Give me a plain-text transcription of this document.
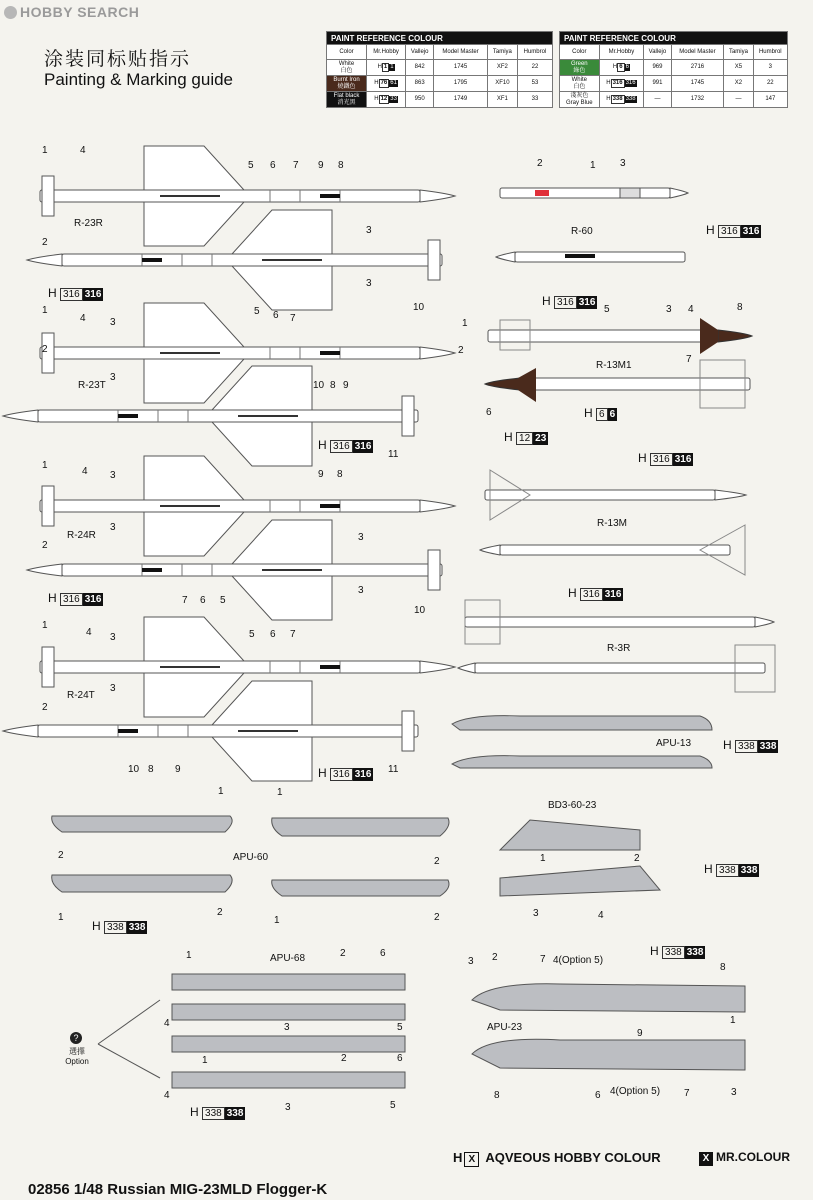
HOBBY SEARCH
涂装同标贴指示
Painting & Marking guide
PAINT REFERENCE COLOUR					
Color	Mr.Hobby	Vallejo	Model Master	Tamiya	Humbrol
White
白色	H 1 1	842	1745	XF2	22
Burnt Iron
燒鐵色	H 76 61	863	1795	XF10	53
Flat black
消光黑	H 12 33	950	1749	XF1	33
PAINT REFERENCE COLOUR					
Color	Mr.Hobby	Vallejo	Model Master	Tamiya	Humbrol
Green
綠色	H 6 6	969	2716	X5	3
White
白色	H 316 316	991	1745	X2	22
淺灰色
Gray Blue	H 338 338	—	1732	—	147
R-23R
R-23T
R-24R
R-24T
R-60
R-13M1
R-13M
R-3R
APU-13
APU-60
BD3-60-23
APU-68
APU-23
H 316 316
H 316 316
H 316 316
H 316 316
H 316 316
H 316 316
H 6 6
H 12 23
H 316 316
H 316 316
H 338 338
H 338 338
H 338 338
H 338 338
H 338 338
1	4
5 6 7 9 8
2
3
3
10
1
4 3
5 6 7
2
3
10 8 9
11
1
4 3	9 8
3
2
3
3
7 6 5
10
1
4 3	5 6 7
3
2
10 8 9	11
2	1 3
1
2
5	3 4	8
7
6
1
2
1
2
1	2
1	2
1	2
3	4
1	2	6
4	3	5
1	2	6
4
3	5
3 2	7 4(Option 5)
8
9
1
8	6 4(Option 5) 7	3
?
選擇
Option
H X AQVEOUS HOBBY COLOUR	X MR.COLOUR
02856 1/48 Russian MIG-23MLD Flogger-K
